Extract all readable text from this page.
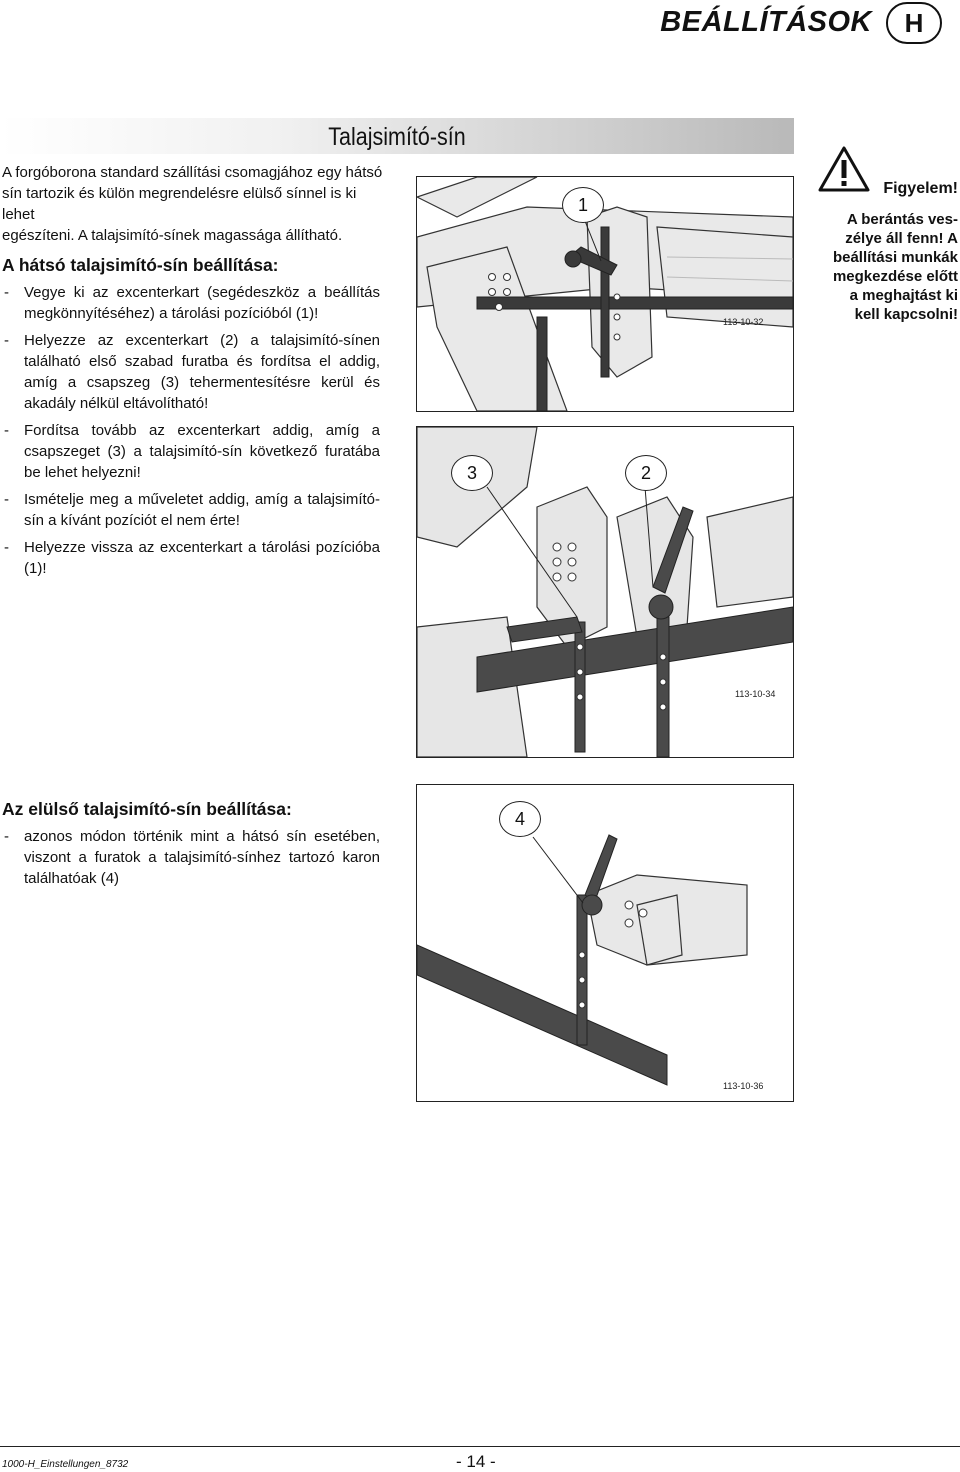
BEÁLLÍTÁSOK	H
Talajsimító-sín

A forgóborona standard szállítási csomagjához egy hátsó

sín tartozik és külön megrendelésre elülső sínnel is ki lehet

egészíteni. A talajsimító-sínek magassága állítható.

A hátsó talajsimító-sín beállítása:
- Vegye ki az excenterkart (segédeszköz a beállítás megkönnyítéséhez) a tárolási pozícióból (1)!
- Helyezze az excenterkart (2) a talajsimító-sínen található első szabad furatba és fordítsa el addig, amíg a csapszeg (3) tehermentesítésre kerül és akadály nélkül eltávolítható!
- Fordítsa tovább az excenterkart addig, amíg a csapszeget (3) a talajsimító-sín következő furatába be lehet helyezni!
- Ismételje meg a műveletet addig, amíg a talajsimító-sín a kívánt pozíciót el nem érte!
- Helyezze vissza az excenterkart a tárolási pozícióba (1)!
1
113-10-32
3	2
113-10-34
Figyelem!
A berántás ves-
zélye áll fenn! A
beállítási munkák
megkezdése előtt
a meghajtást ki
kell kapcsolni!
Az elülső talajsimító-sín beállítása:
- azonos módon történik mint a hátsó sín esetében, viszont a furatok a talajsimító-sínhez tartozó karon találhatóak (4)
4
113-10-36
1000-H_Einstellungen_8732	- 14 -
